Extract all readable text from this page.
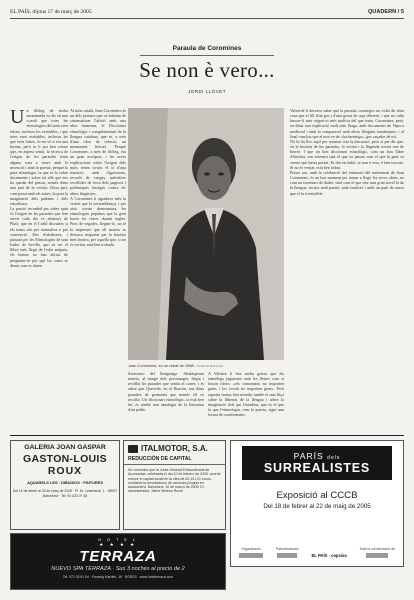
EL PAÍS, dijous 17 de març de 2005	QUADERN / 5
Paraula de Coromines
Se non è vero...
JORDI LLOVET

Un filòleg de molta anomenada va dir en una ocasió que totes les etimologies del món eren falses, inclosos les veritables, i que totes eren veritables, inclosos les que eren falses. Jo no sé si era una broma, però se li pot ben creure que, en aquest sentit, la recerca de l'origen de les paraules tenia alguna cosa a veure amb la invenció i amb la poesia, perquè la pura etimologia, la que es fa sobre documents i sobre tot allò que ens ha quedat del passat, només dóna una part de la veritat; l'altra part, com passa amb els mites, la posa la imaginació dels parlants i dels estudiosos.

La passió recorded per saber quin és l'origen de les paraules que fem servir cada dia ve almenys de Plató, que en el Cràtil discuteix si els noms són per naturalesa o per convenció. Des d'aleshores, i passant per les Etimologies de sant Isidor de Sevilla, que va ser el llibre més llegit de l'edat mitjana, els homes no han deixat de preguntar-se per què les coses es diuen com es diuen.

Al món català, Joan Coromines és un dels primers que va intentar de sistematitzar l'afició amb una obra immensa, el Diccionari etimològic i complementari de la llengua catalana, que és, a més d'una obra de ciència, un monument literari. Perquè Coromines, a més de filòleg, era un gran escriptor, i les seves explicacions sobre l'origen dels mots tenen sovint el to d'una narració, amb digressions, records de viatges, anècdotes recollides de boca dels pagesos i polèmiques ferotges contra els altres lingüistes.

A Coromines li agradava més la veritat que la versemblança, i per això sovint desmuntava les etimologies populars que la gent havia fet córrer durant segles. Però de vegades, llegint-lo, un té la impressió que ell mateix es deixava emportar per la història més bonica, per aquella que, si no és veritat, està ben trobada.

Joan Coromines, en un retrat de 1988. / RAMON BATLLES

Sotavento del llenguatge. Shakespeare mateix, al marge dels personatges, llegia i recollia les paraules que sentia al carrer, i és sabut que Quevedo, en el Buscón, ens dóna paraules de germania que només ell va recollir. Un diccionari etimològic, si està ben fet, és també una antologia de la literatura d'un poble.

A Voltaire li feia molta gràcia que els etimòlegs juguessin amb les lletres com si fossin fitxes: «els consonants no importen gaire, i les vocals no importen gens». Però aquesta ironia, ben mirada, també és una lliçó sobre la llibertat de la llengua i sobre la imaginació dels qui l'estudien, que és el que fa que l'etimologia, com la poesia, sigui una forma de coneixement.

Valverde li deixava saber que la paraula «xarnego» no volia dir altra cosa que el fill d'un gos i d'una gossa de raça diferent, i que no calia buscar-li més origen ni més malícia del que tenia. Coromines, però, en dóna una explicació molt més llarga, amb documents de l'època medieval i amb la comparació amb altres llengües romàniques, i al final conclou que el mot ve de «lucharniego», gos caçador de nit.

No hi ha lloc aquí per resumir tota la discussió, però sí per dir que, en la història de les paraules, la veritat i la llegenda sovint van de bracet. I que un bon diccionari etimològic, com un bon llibre d'història, ens ensenya tant el que va passar com el que la gent va creure que havia passat. Es diu en italià: se non è vero, è ben trovato. Si no és veritat, està ben trobat.

Potser ara, amb la celebració del centenari del naixement de Joan Coromines, és un bon moment per tornar a llegir les seves obres, no com un inventari de dades, sinó com el que són: una gran novel·la de la llengua, escrita amb passió, amb erudició i amb un punt de rauxa que el fa irresistible.

GALERIA JOAN GASPAR
GASTON-LOUIS
ROUX
AQUARELS LES · DIBUIXOS · PINTURES
Del 15 de febrer al 25 de març de 2005 · Pl. Dr. Letamendi, 1 · 08007 Barcelona · Tel. 93 323 07 48
ITALMOTOR, S.A.
REDUCCIÓN DE CAPITAL
Se comunica que la Junta General Extraordinaria de Accionistas, celebrada el día 10 de febrero de 2005, acordó reducir el capital social en la cifra de 60.101,21 euros, mediante la amortización de acciones propias en autocartera. Barcelona, 10 de marzo de 2005. El administrador, Jaime Medina Rovel
PARÍS dels
SURREALISTES
Exposició al CCCB
Del 18 de febrer al 22 de maig de 2005
Organització	Patrocinadores
EL PAÍS · copcisa
Amb la col·laboració de
H O T E L
★ ★ ★ ★
TERRAZA
NUEVO SPA TERRAZA · Sus 3 noches al precio de 2
Tel. 972 25 61 54 · Passeig Marítim, 16 · ROSES · www.hotelterraza.com
